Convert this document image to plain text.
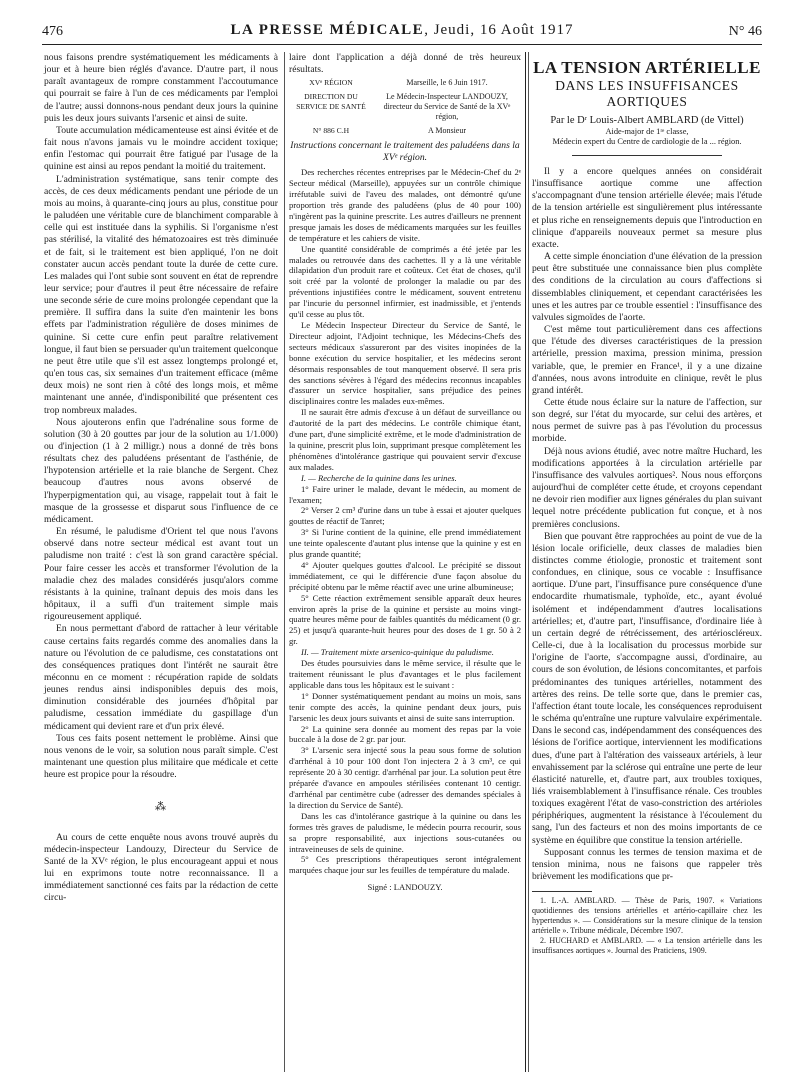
476	LA PRESSE MÉDICALE, Jeudi, 16 Août 1917	N° 46

nous faisons prendre systématiquement les médicaments à jour et à heure bien réglés d'avance. D'autre part, il nous paraît avantageux de rompre constamment l'accoutumance qui pourrait se faire à l'un de ces médicaments par l'emploi de l'autre; aussi donnons-nous pendant deux jours la quinine puis les deux jours suivants l'arsenic et ainsi de suite.

Toute accumulation médicamenteuse est ainsi évitée et de fait nous n'avons jamais vu le moindre accident toxique; enfin l'estomac qui pourrait être fatigué par l'usage de la quinine est ainsi au repos pendant la moitié du traitement.

L'administration systématique, sans tenir compte des accès, de ces deux médicaments pendant une période de un mois au moins, à quarante-cinq jours au plus, constitue pour le paludéen une véritable cure de blanchiment comparable à celle qui est instituée dans la syphilis. Si l'organisme n'est pas stérilisé, la vitalité des hématozoaires est très diminuée et de fait, si le traitement est bien appliqué, l'on ne doit constater aucun accès pendant toute la durée de cette cure. Les malades qui l'ont subie sont souvent en état de reprendre leur service; pour d'autres il peut être nécessaire de refaire une seconde série de cure moins prolongée cependant que la première. Il suffira dans la suite d'en maintenir les bons effets par l'administration régulière de doses minimes de quinine. Si cette cure enfin peut paraître relativement longue, il faut bien se persuader qu'un traitement quelconque ne peut être utile que s'il est assez longtemps prolongé et, qu'en tous cas, six semaines d'un traitement efficace (même deux mois) ne sont rien à côté des longs mois, et même maintenant une année, d'indisponibilité que présentent ces trop nombreux malades.

Nous ajouterons enfin que l'adrénaline sous forme de solution (30 à 20 gouttes par jour de la solution au 1/1.000) ou d'injection (1 à 2 milligr.) nous a donné de très bons résultats chez des paludéens présentant de l'asthénie, de l'hypotension artérielle et la raie blanche de Sergent. Chez beaucoup d'autres nous avons observé de l'hyperpigmentation qui, au visage, rappelait tout à fait le masque de la grossesse et disparut sous l'influence de ce médicament.

En résumé, le paludisme d'Orient tel que nous l'avons observé dans notre secteur médical est avant tout un paludisme non traité : c'est là son grand caractère spécial. Pour faire cesser les accès et transformer l'évolution de la maladie chez des malades considérés jusqu'alors comme résistants à la quinine, traînant depuis des mois dans les hôpitaux, il a suffi d'un traitement simple mais rigoureusement appliqué.

En nous permettant d'abord de rattacher à leur véritable cause certains faits regardés comme des anomalies dans la nature ou l'évolution de ce paludisme, ces constatations ont des conséquences pratiques dont l'intérêt ne saurait être méconnu en ce moment : récupération rapide de soldats jeunes rendus ainsi indisponibles depuis des mois, diminution considérable des journées d'hôpital par paludisme, cessation immédiate du gaspillage d'un médicament qui devient rare et d'un prix élevé.

Tous ces faits posent nettement le problème. Ainsi que nous venons de le voir, sa solution nous paraît simple. C'est maintenant une question plus militaire que médicale et cette heure est propice pour la résoudre.

⁂

Au cours de cette enquête nous avons trouvé auprès du médecin-inspecteur Landouzy, Directeur du Service de Santé de la XVᵉ région, le plus encourageant appui et nous lui en exprimons toute notre reconnaissance. Il a immédiatement sanctionné ces faits par la rédaction de cette circu-

laire dont l'application a déjà donné de très heureux résultats.

XVᵉ RÉGION	Marseille, le 6 Juin 1917.
DIRECTION DU SERVICE DE SANTÉ
Le Médecin-Inspecteur LANDOUZY, directeur du Service de Santé de la XVᵉ région,
N° 886 C.H	A Monsieur
Instructions concernant le traitement des paludéens dans la XVᵉ région.

Des recherches récentes entreprises par le Médecin-Chef du 2ᵉ Secteur médical (Marseille), appuyées sur un contrôle chimique irréfutable suivi de l'aveu des malades, ont démontré qu'une proportion très grande des paludéens (plus de 40 pour 100) n'ingèrent pas la quinine prescrite. Les autres d'ailleurs ne prennent presque jamais les doses de médicaments marquées sur les feuilles de température et les cahiers de visite.

Une quantité considérable de comprimés a été jetée par les malades ou retrouvée dans des cachettes. Il y a là une véritable dilapidation d'un produit rare et coûteux. Cet état de choses, qu'il soit créé par la volonté de prolonger la maladie ou par des préventions injustifiées contre le médicament, souvent entretenu par l'incurie du personnel infirmier, est inadmissible, et j'entends qu'il cesse au plus tôt.

Le Médecin Inspecteur Directeur du Service de Santé, le Directeur adjoint, l'Adjoint technique, les Médecins-Chefs des secteurs médicaux s'assureront par des visites inopinées de la bonne exécution du service hospitalier, et les médecins seront désormais responsables de tout manquement observé. Il sera pris des sanctions sévères à l'égard des médecins reconnus incapables d'assurer un service hospitalier, sans préjudice des peines disciplinaires contre les malades eux-mêmes.

Il ne saurait être admis d'excuse à un défaut de surveillance ou d'autorité de la part des médecins. Le contrôle chimique étant, d'une part, d'une simplicité extrême, et le mode d'administration de la quinine, prescrit plus loin, supprimant presque complètement les phénomènes d'intolérance gastrique qui pouvaient servir d'excuse aux malades.

I. — Recherche de la quinine dans les urines.

1° Faire uriner le malade, devant le médecin, au moment de l'examen;

2° Verser 2 cm³ d'urine dans un tube à essai et ajouter quelques gouttes de réactif de Tanret;

3° Si l'urine contient de la quinine, elle prend immédiatement une teinte opalescente d'autant plus intense que la quinine y est en plus grande quantité;

4° Ajouter quelques gouttes d'alcool. Le précipité se dissout immédiatement, ce qui le différencie d'une façon absolue du précipité obtenu par le même réactif avec une urine albumineuse;

5° Cette réaction extrêmement sensible apparaît deux heures environ après la prise de la quinine et persiste au moins vingt-quatre heures même pour de faibles quantités du médicament (0 gr. 25) et jusqu'à quarante-huit heures pour des doses de 1 gr. 50 à 2 gr.

II. — Traitement mixte arsenico-quinique du paludisme.

Des études poursuivies dans le même service, il résulte que le traitement réunissant le plus d'avantages et le plus facilement applicable dans tous les hôpitaux est le suivant :

1° Donner systématiquement pendant au moins un mois, sans tenir compte des accès, la quinine pendant deux jours, puis l'arsenic les deux jours suivants et ainsi de suite sans interruption.

2° La quinine sera donnée au moment des repas par la voie buccale à la dose de 2 gr. par jour.

3° L'arsenic sera injecté sous la peau sous forme de solution d'arrhénal à 10 pour 100 dont l'on injectera 2 à 3 cm³, ce qui représente 20 à 30 centigr. d'arrhénal par jour. La solution peut être préparée d'avance en ampoules stérilisées contenant 10 centigr. d'arrhénal par centimètre cube (adresser des demandes spéciales à la direction du Service de Santé).

Dans les cas d'intolérance gastrique à la quinine ou dans les formes très graves de paludisme, le médecin pourra recourir, sous sa propre responsabilité, aux injections sous-cutanées ou intraveineuses de sels de quinine.

5° Ces prescriptions thérapeutiques seront intégralement marquées chaque jour sur les feuilles de température du malade.

Signé : LANDOUZY.
LA TENSION ARTÉRIELLE
DANS LES INSUFFISANCES AORTIQUES
Par le Dʳ Louis-Albert AMBLARD (de Vittel)
Aide-major de 1ʳᵉ classe,
Médecin expert du Centre de cardiologie de la ... région.

Il y a encore quelques années on considérait l'insuffisance aortique comme une affection s'accompagnant d'une tension artérielle élevée; mais l'étude de la tension artérielle est singulièrement plus intéressante et plus riche en renseignements depuis que l'introduction en clinique d'appareils nouveaux permet sa mesure plus exacte.

A cette simple énonciation d'une élévation de la pression peut être substituée une connaissance bien plus complète des conditions de la circulation au cours d'affections si dissemblables cliniquement, et cependant caractérisées les unes et les autres par ce trouble essentiel : l'insuffisance des valvules sigmoïdes de l'aorte.

C'est même tout particulièrement dans ces affections que l'étude des diverses caractéristiques de la pression artérielle, pression maxima, pression minima, pression variable, que, le premier en France¹, il y a une dizaine d'années, nous avons introduite en clinique, revêt le plus grand intérêt.

Cette étude nous éclaire sur la nature de l'affection, sur son degré, sur l'état du myocarde, sur celui des artères, et nous permet de suivre pas à pas l'évolution du processus morbide.

Déjà nous avions étudié, avec notre maître Huchard, les modifications apportées à la circulation artérielle par l'insuffisance des valvules aortiques². Nous nous efforçons aujourd'hui de compléter cette étude, et croyons cependant ne devoir rien modifier aux lignes générales du plan suivant lequel notre précédente publication fut conçue, et à nos premières conclusions.

Bien que pouvant être rapprochées au point de vue de la lésion locale orificielle, deux classes de maladies bien distinctes comme étiologie, pronostic et traitement sont confondues, en clinique, sous ce vocable : Insuffisance aortique. D'une part, l'insuffisance pure conséquence d'une endocardite rhumatismale, typhoïde, etc., ayant évolué isolément et indépendamment d'autres localisations artérielles; et, d'autre part, l'insuffisance, d'ordinaire liée à un certain degré de rétrécissement, des artérioscléreux. Celle-ci, due à la localisation du processus morbide sur l'origine de l'aorte, s'accompagne aussi, d'ordinaire, au cours de son évolution, de lésions concomitantes, et parfois prédominantes des tuniques artérielles, notamment des artères des reins. De telle sorte que, dans le premier cas, l'affection étant toute locale, les conséquences reproduisent le schéma qu'entraîne une rupture valvulaire expérimentale. Dans le second cas, indépendamment des conséquences des lésions de l'orifice aortique, interviennent les modifications dues, d'une part à l'altération des vaisseaux artériels, à leur envahissement par la sclérose qui entraîne une perte de leur élasticité naturelle, et, d'autre part, aux troubles toxiques, liés vraisemblablement à l'insuffisance rénale. Ces troubles toxiques exagèrent l'état de vaso-constriction des artérioles périphériques, augmentent la résistance à l'écoulement du sang, l'un des facteurs et non des moins importants de ce système en équilibre que constitue la tension artérielle.

Supposant connus les termes de tension maxima et de tension minima, nous ne faisons que rappeler très brièvement les modifications que pr-

1. L.-A. AMBLARD. — Thèse de Paris, 1907. « Variations quotidiennes des tensions artérielles et artério-capillaire chez les hypertendus ». — Considérations sur la mesure clinique de la tension artérielle ». Tribune médicale, Décembre 1907.

2. HUCHARD et AMBLARD. — « La tension artérielle dans les insuffisances aortiques ». Journal des Praticiens, 1909.
